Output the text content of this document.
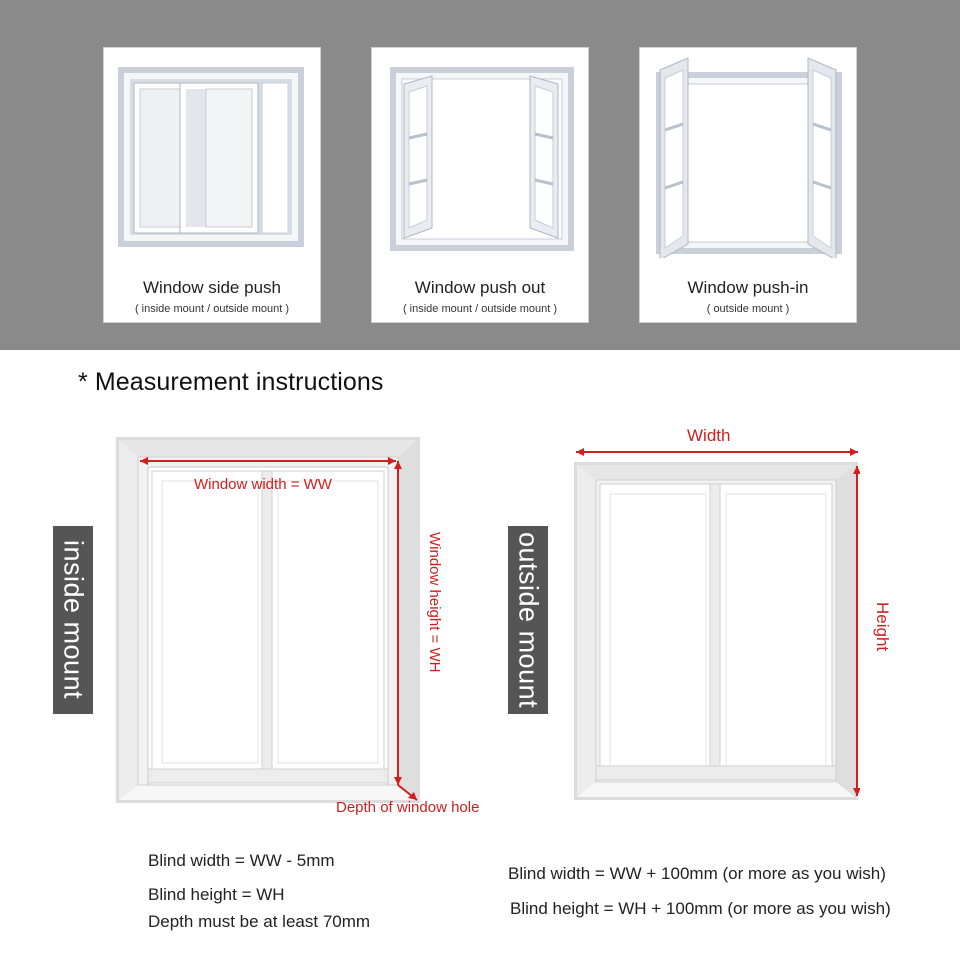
Window side push
( inside mount / outside mount )
Window push out
( inside mount / outside mount )
Window push-in
( outside mount )
* Measurement instructions
inside mount
Window width = WW
Window height = WH
Depth of window hole
outside mount
Width
Height
Blind width = WW - 5mm
Blind height = WH
Depth must be at least 70mm
Blind width = WW + 100mm (or more as you wish)
Blind height = WH + 100mm (or more as you wish)
